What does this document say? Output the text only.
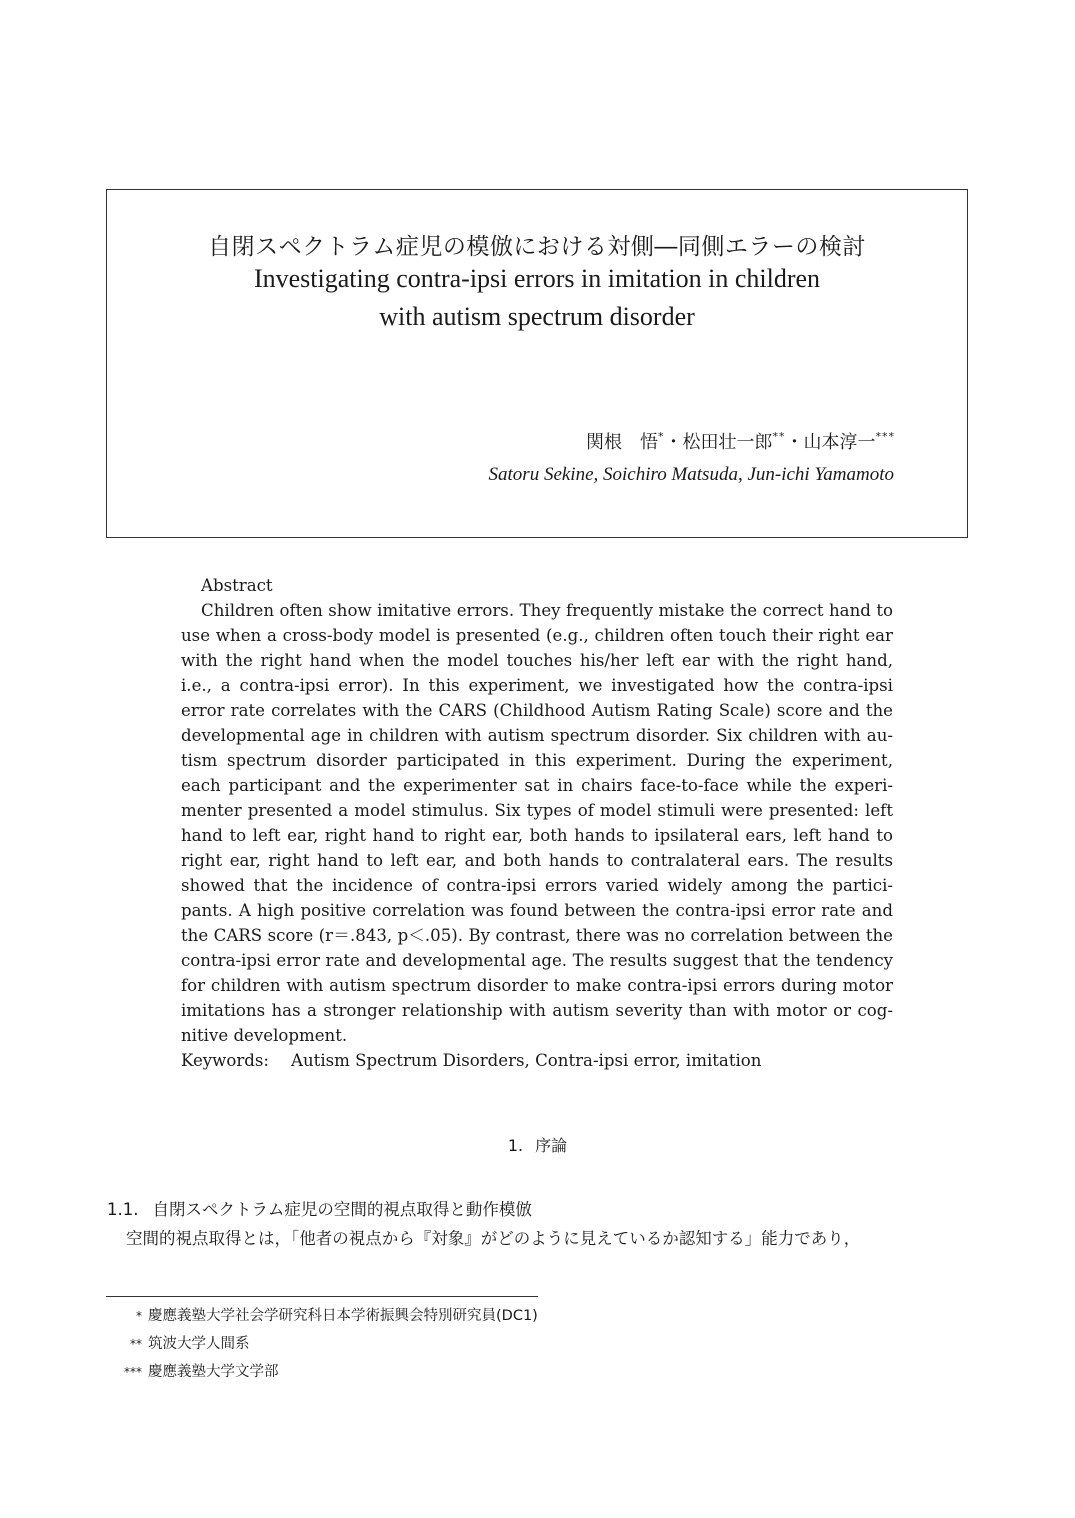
自閉スペクトラム症児の模倣における対側―同側エラーの検討
Investigating contra-ipsi errors in imitation in children
with autism spectrum disorder
関根　悟*・松田壮一郎**・山本淳一***
Satoru Sekine, Soichiro Matsuda, Jun-ichi Yamamoto
Abstract

Children often show imitative errors. They frequently mistake the correct hand to use when a cross-body model is presented (e.g., children often touch their right ear with the right hand when the model touches his/her left ear with the right hand, i.e., a contra-ipsi error). In this experiment, we investigated how the contra-ipsi error rate correlates with the CARS (Childhood Autism Rating Scale) score and the developmental age in children with autism spectrum disorder. Six children with autism spectrum disorder participated in this experiment. During the experiment, each participant and the experimenter sat in chairs face-to-face while the experimenter presented a model stimulus. Six types of model stimuli were presented: left hand to left ear, right hand to right ear, both hands to ipsilateral ears, left hand to right ear, right hand to left ear, and both hands to contralateral ears. The results showed that the incidence of contra-ipsi errors varied widely among the participants. A high positive correlation was found between the contra-ipsi error rate and the CARS score (r＝.843, p＜.05). By contrast, there was no correlation between the contra-ipsi error rate and developmental age. The results suggest that the tendency for children with autism spectrum disorder to make contra-ipsi errors during motor imitations has a stronger relationship with autism severity than with motor or cognitive development.

Keywords: Autism Spectrum Disorders, Contra-ipsi error, imitation
1. 序論
1.1. 自閉スペクトラム症児の空間的視点取得と動作模倣
空間的視点取得とは，「他者の視点から『対象』がどのように見えているか認知する」能力であり，
* 慶應義塾大学社会学研究科日本学術振興会特別研究員(DC1)
** 筑波大学人間系
*** 慶應義塾大学文学部
